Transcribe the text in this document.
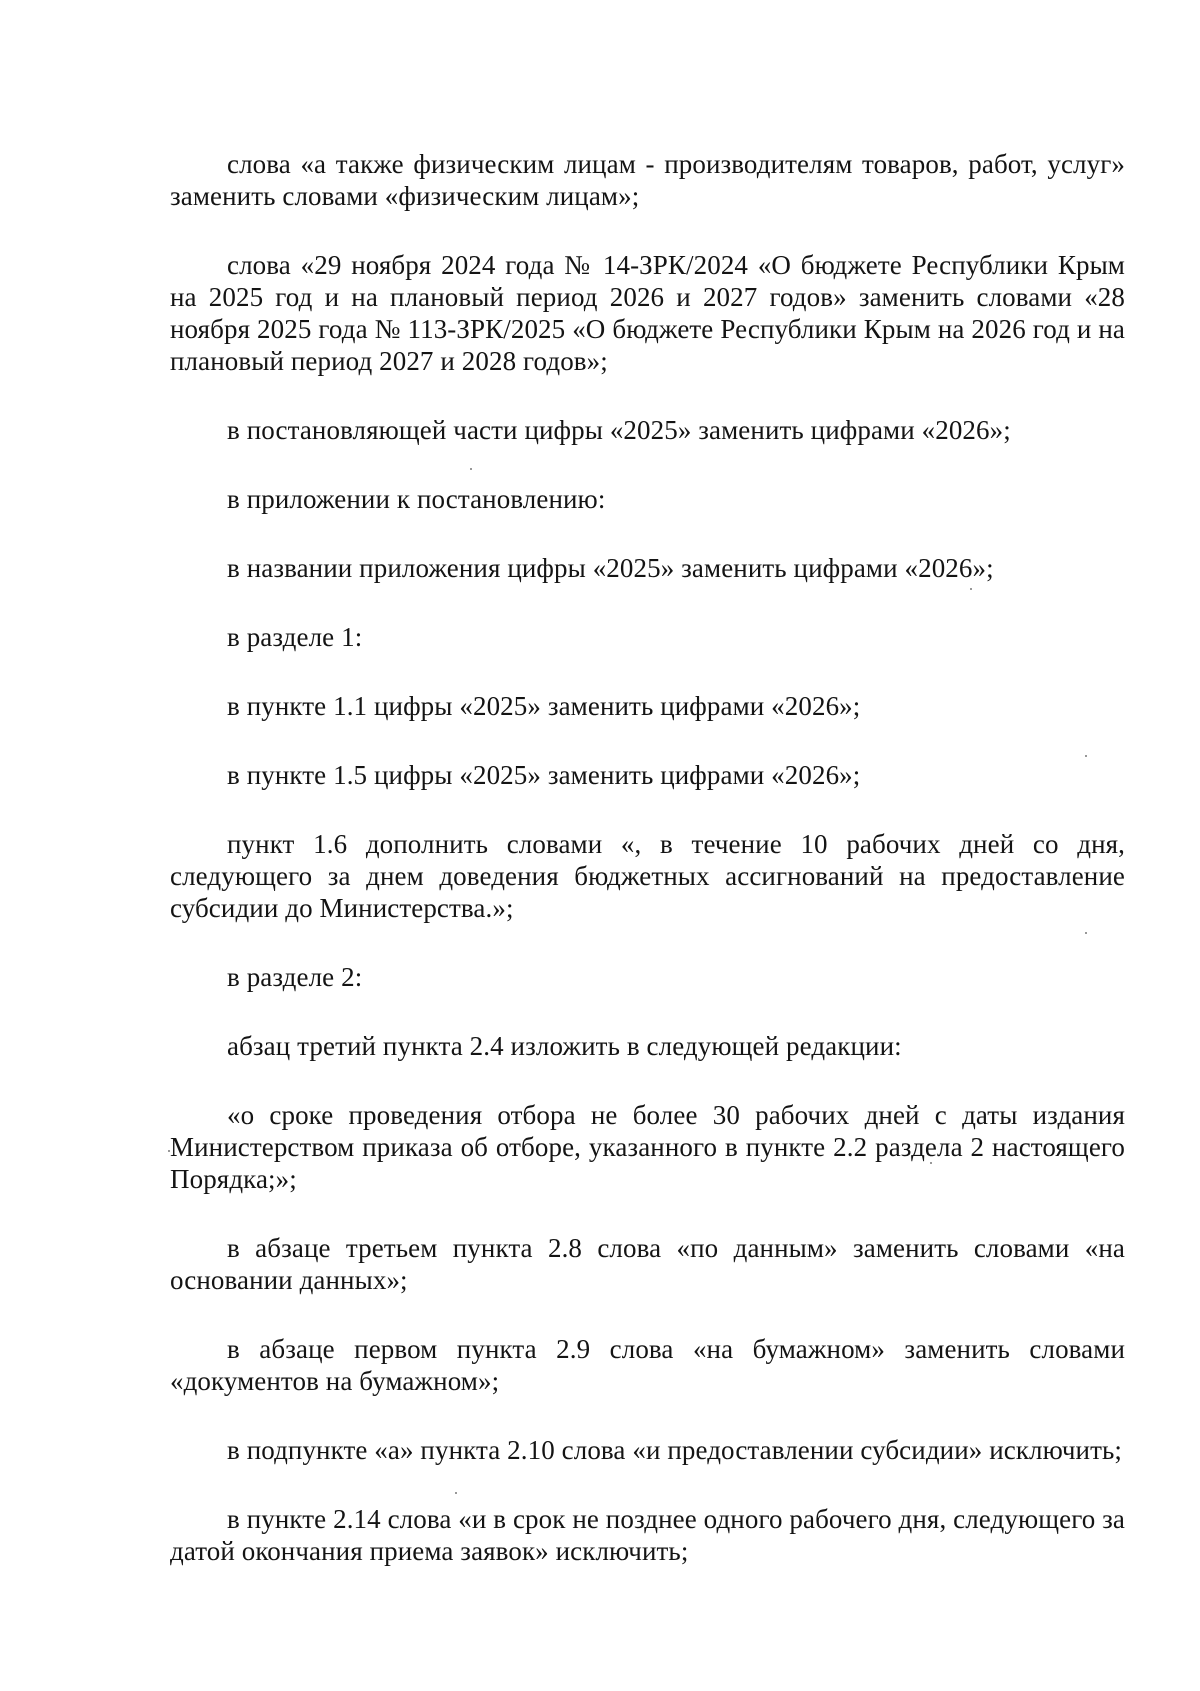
слова «а также физическим лицам - производителям товаров, работ, услуг» заменить словами «физическим лицам»;

слова «29 ноября 2024 года № 14-ЗРК/2024 «О бюджете Республики Крым на 2025 год и на плановый период 2026 и 2027 годов» заменить словами «28 ноября 2025 года № 113-ЗРК/2025 «О бюджете Республики Крым на 2026 год и на плановый период 2027 и 2028 годов»;

в постановляющей части цифры «2025» заменить цифрами «2026»;

в приложении к постановлению:

в названии приложения цифры «2025» заменить цифрами «2026»;

в разделе 1:

в пункте 1.1 цифры «2025» заменить цифрами «2026»;

в пункте 1.5 цифры «2025» заменить цифрами «2026»;

пункт 1.6 дополнить словами «, в течение 10 рабочих дней со дня, следующего за днем доведения бюджетных ассигнований на предоставление субсидии до Министерства.»;

в разделе 2:

абзац третий пункта 2.4 изложить в следующей редакции:

«о сроке проведения отбора не более 30 рабочих дней с даты издания Министерством приказа об отборе, указанного в пункте 2.2 раздела 2 настоящего Порядка;»;

в абзаце третьем пункта 2.8 слова «по данным» заменить словами «на основании данных»;

в абзаце первом пункта 2.9 слова «на бумажном» заменить словами «документов на бумажном»;

в подпункте «а» пункта 2.10 слова «и предоставлении субсидии» исключить;

в пункте 2.14 слова «и в срок не позднее одного рабочего дня, следующего за датой окончания приема заявок» исключить;
